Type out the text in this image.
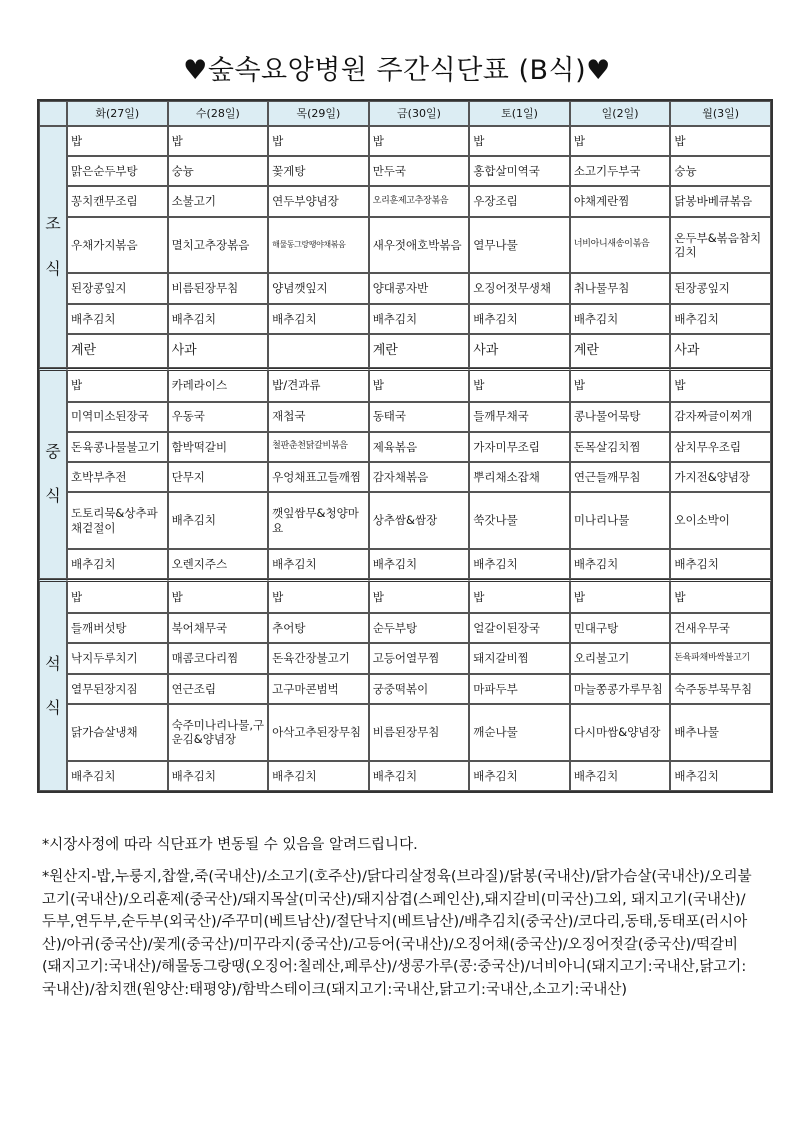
♥숲속요양병원 주간식단표 (B식)♥
	화(27일)	수(28일)	목(29일)	금(30일)	토(1일)	일(2일)	월(3일)

조
식	밥	밥	밥	밥	밥	밥	밥
	맑은순두부탕	숭늉	꽃게탕	만두국	홍합살미역국	소고기두부국	숭늉
	꽁치캔무조림	소불고기	연두부양념장	오리훈제고추장볶음	우장조림	야채계란찜	닭봉바베큐볶음
	우채가지볶음	멸치고추장볶음	해물동그랑땡야채볶음	새우젓애호박볶음	열무나물	너비아니새송이볶음	온두부&볶음참치김치
	된장콩잎지	비름된장무침	양념깻잎지	양대콩자반	오징어젓무생채	취나물무침	된장콩잎지
	배추김치	배추김치	배추김치	배추김치	배추김치	배추김치	배추김치
	계란	사과		계란	사과	계란	사과

중
식	밥	카레라이스	밥/견과류	밥	밥	밥	밥
	미역미소된장국	우동국	재첩국	동태국	들깨무채국	콩나물어묵탕	감자짜글이찌개
	돈육콩나물불고기	함박떡갈비	철판춘천닭갈비볶음	제육볶음	가자미무조림	돈목살김치찜	삼치무우조림
	호박부추전	단무지	우엉채표고들깨찜	감자채볶음	뿌리채소잡채	연근들깨무침	가지전&양념장
	도토리묵&상추파채겉절이	배추김치	깻잎쌈무&청양마요	상추쌈&쌈장	쑥갓나물	미나리나물	오이소박이
	배추김치	오렌지주스	배추김치	배추김치	배추김치	배추김치	배추김치

석
식	밥	밥	밥	밥	밥	밥	밥
	들깨버섯탕	북어채무국	추어탕	순두부탕	얼갈이된장국	민대구탕	건새우무국
	낙지두루치기	매콤코다리찜	돈육간장불고기	고등어열무찜	돼지갈비찜	오리불고기	돈육파채바싹불고기
	열무된장지짐	연근조림	고구마콘범벅	궁중떡볶이	마파두부	마늘쫑콩가루무침	숙주동부묵무침
	닭가슴살냉채	숙주미나리나물,구운김&양념장	아삭고추된장무침	비름된장무침	깨순나물	다시마쌈&양념장	배추나물
	배추김치	배추김치	배추김치	배추김치	배추김치	배추김치	배추김치

*시장사정에 따라 식단표가 변동될 수 있음을 알려드립니다.

*원산지-밥,누룽지,찹쌀,죽(국내산)/소고기(호주산)/닭다리살정육(브라질)/닭봉(국내산)/닭가슴살(국내산)/오리불고기(국내산)/오리훈제(중국산)/돼지목살(미국산)/돼지삼겹(스페인산),돼지갈비(미국산)그외, 돼지고기(국내산)/두부,연두부,순두부(외국산)/주꾸미(베트남산)/절단낙지(베트남산)/배추김치(중국산)/코다리,동태,동태포(러시아산)/아귀(중국산)/꽃게(중국산)/미꾸라지(중국산)/고등어(국내산)/오징어채(중국산)/오징어젓갈(중국산)/떡갈비(돼지고기:국내산)/해물동그랑땡(오징어:칠레산,페루산)/생콩가루(콩:중국산)/너비아니(돼지고기:국내산,닭고기:국내산)/참치캔(원양산:태평양)/함박스테이크(돼지고기:국내산,닭고기:국내산,소고기:국내산)
